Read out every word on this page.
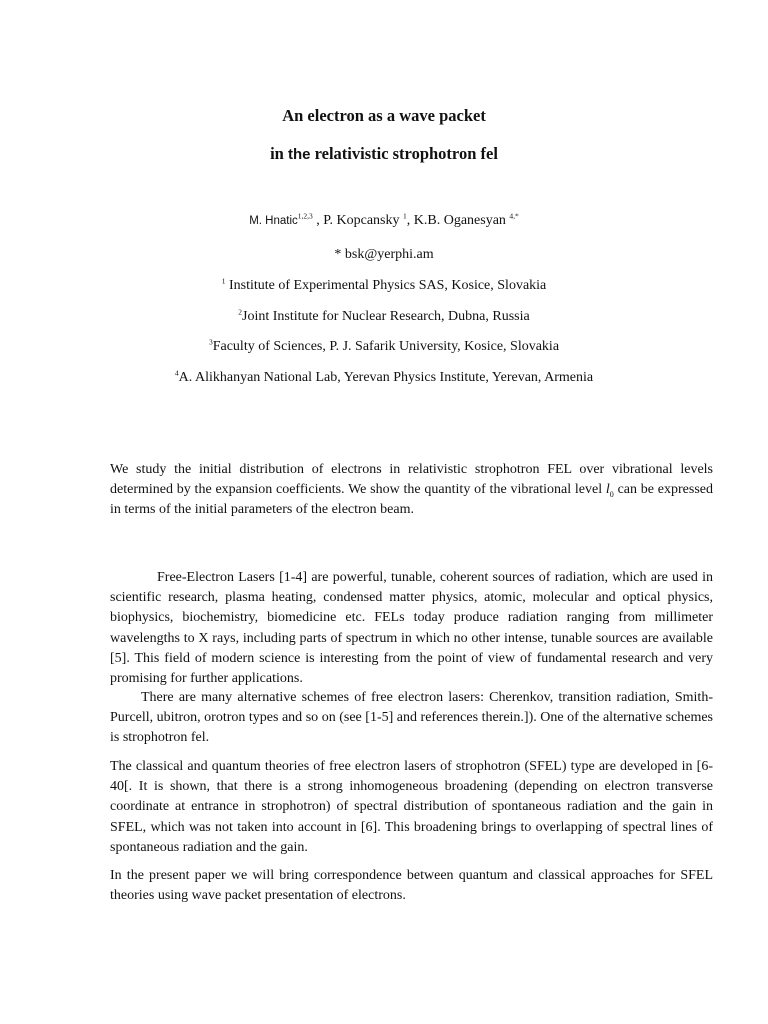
An electron as a wave packet
in the relativistic strophotron fel
M. Hnatic$^{1,2,3}$ , P. Kopcansky $^1$, K.B. Oganesyan $^{4,*}$
* bsk@yerphi.am
$^1$ Institute of Experimental Physics SAS, Kosice, Slovakia
$^2$Joint Institute for Nuclear Research, Dubna, Russia
$^3$Faculty of Sciences, P. J. Safarik University, Kosice, Slovakia
$^4$A. Alikhanyan National Lab, Yerevan Physics Institute, Yerevan, Armenia

We study the initial distribution of electrons in relativistic strophotron FEL over vibrational levels determined by the expansion coefficients. We show the quantity of the vibrational level $l_0$ can be expressed in terms of the initial parameters of the electron beam.

Free-Electron Lasers [1-4] are powerful, tunable, coherent sources of radiation, which are used in scientific research, plasma heating, condensed matter physics, atomic, molecular and optical physics, biophysics, biochemistry, biomedicine etc. FELs today produce radiation ranging from millimeter wavelengths to X rays, including parts of spectrum in which no other intense, tunable sources are available [5]. This field of modern science is interesting from the point of view of fundamental research and very promising for further applications.

There are many alternative schemes of free electron lasers: Cherenkov, transition radiation, Smith-Purcell, ubitron, orotron types and so on (see [1-5] and references therein.]). One of the alternative schemes is strophotron fel.

The classical and quantum theories of free electron lasers of strophotron (SFEL) type are developed in [6-40[. It is shown, that there is a strong inhomogeneous broadening (depending on electron transverse coordinate at entrance in strophotron) of spectral distribution of spontaneous radiation and the gain in SFEL, which was not taken into account in [6]. This broadening brings to overlapping of spectral lines of spontaneous radiation and the gain.

In the present paper we will bring correspondence between quantum and classical approaches for SFEL theories using wave packet presentation of electrons.
